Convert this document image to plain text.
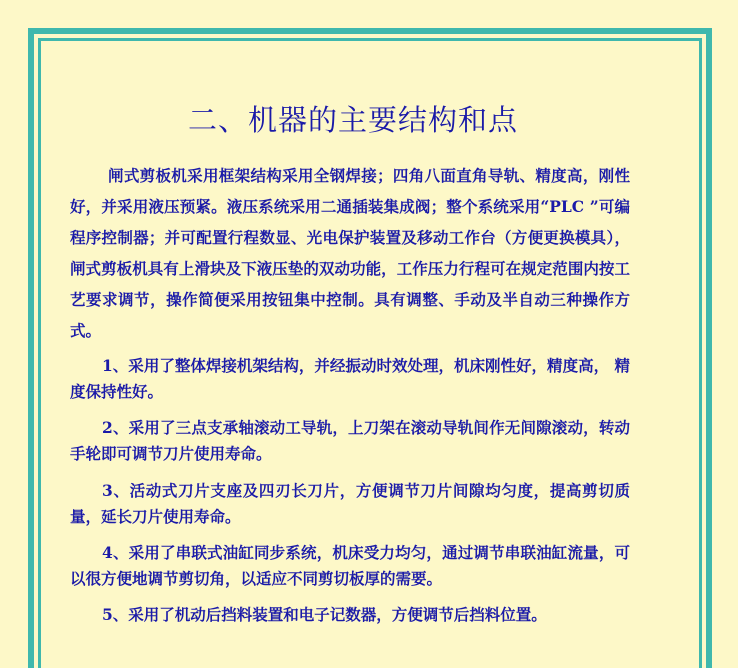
二、机器的主要结构和点

闸式剪板机采用框架结构采用全钢焊接；四角八面直角导轨、精度高，刚性好，并采用液压预紧。液压系统采用二通插装集成阀；整个系统采用“PLC ”可编程序控制器；并可配置行程数显、光电保护装置及移动工作台（方便更换模具），闸式剪板机具有上滑块及下液压垫的双动功能，工作压力行程可在规定范围内按工艺要求调节，操作简便采用按钮集中控制。具有调整、手动及半自动三种操作方式。

1、采用了整体焊接机架结构，并经振动时效处理，机床刚性好，精度高， 精度保持性好。

2、采用了三点支承轴滚动工导轨，上刀架在滚动导轨间作无间隙滚动，转动手轮即可调节刀片使用寿命。

3、活动式刀片支座及四刃长刀片，方便调节刀片间隙均匀度，提高剪切质量，延长刀片使用寿命。

4、采用了串联式油缸同步系统，机床受力均匀，通过调节串联油缸流量，可以很方便地调节剪切角，以适应不同剪切板厚的需要。

5、采用了机动后挡料装置和电子记数器，方便调节后挡料位置。
